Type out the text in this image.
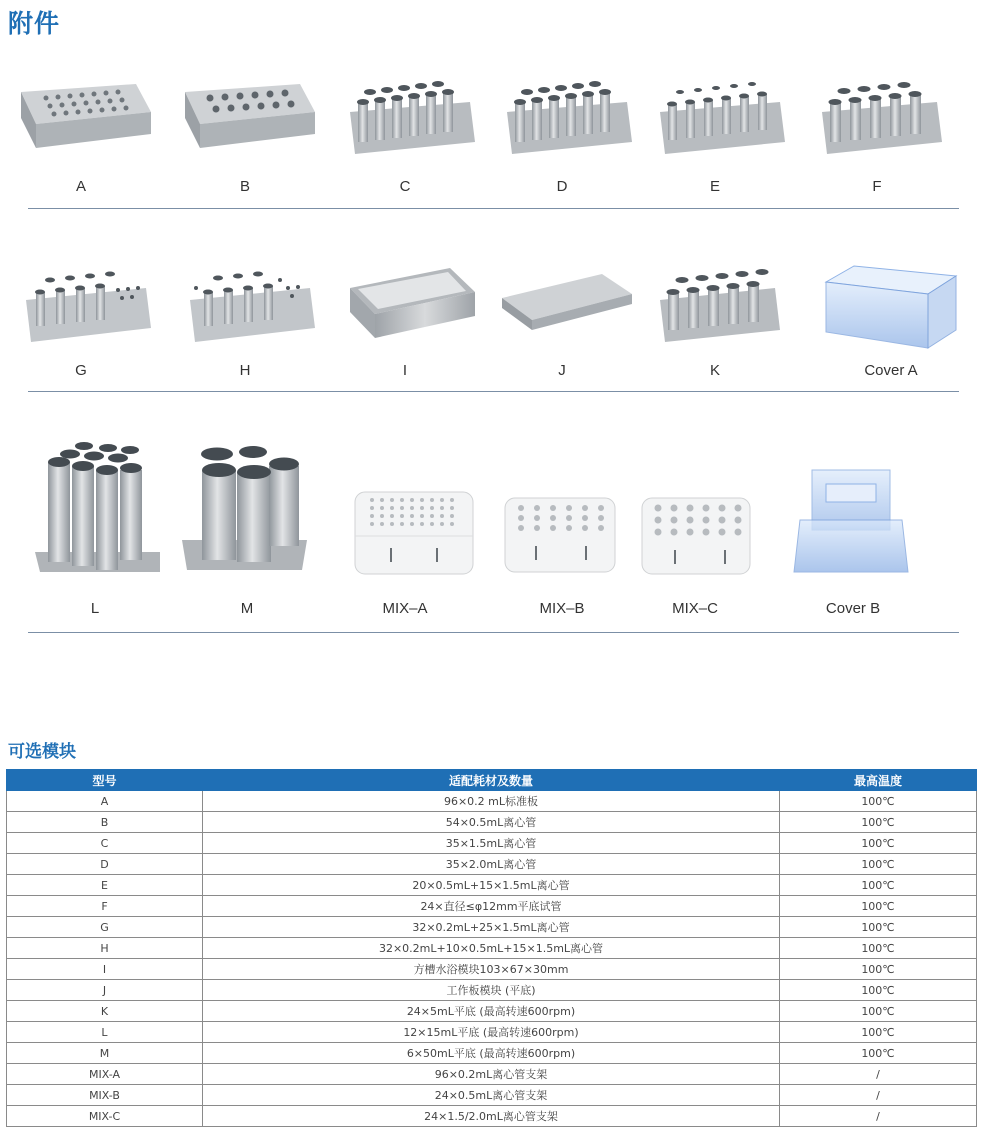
附件
A	B	C	D	E	F
G	H	I	J	K	Cover A
L	M	MIX–A	MIX–B	MIX–C	Cover B
可选模块
型号	适配耗材及数量	最高温度
A	96×0.2 mL标准板	100℃
B	54×0.5mL离心管	100℃
C	35×1.5mL离心管	100℃
D	35×2.0mL离心管	100℃
E	20×0.5mL+15×1.5mL离心管	100℃
F	24×直径≤φ12mm平底试管	100℃
G	32×0.2mL+25×1.5mL离心管	100℃
H	32×0.2mL+10×0.5mL+15×1.5mL离心管	100℃
I	方槽水浴模块103×67×30mm	100℃
J	工作板模块 (平底)	100℃
K	24×5mL平底 (最高转速600rpm)	100℃
L	12×15mL平底 (最高转速600rpm)	100℃
M	6×50mL平底 (最高转速600rpm)	100℃
MIX-A	96×0.2mL离心管支架	/
MIX-B	24×0.5mL离心管支架	/
MIX-C	24×1.5/2.0mL离心管支架	/
